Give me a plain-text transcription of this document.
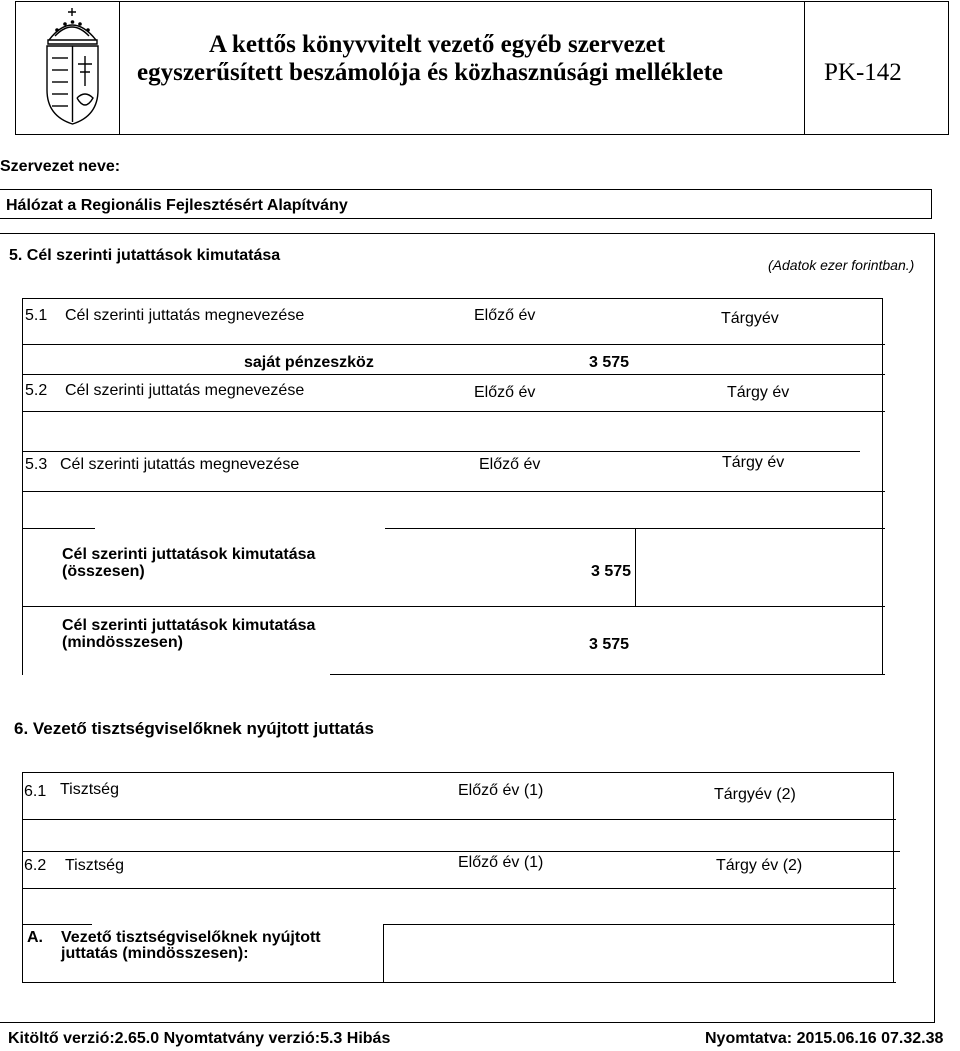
A kettős könyvvitelt vezető egyéb szervezet
egyszerűsített beszámolója és közhasznúsági melléklete	PK-142
Szervezet neve:
Hálózat a Regionális Fejlesztésért Alapítvány
5. Cél szerinti jutattások kimutatása
(Adatok ezer forintban.)
5.1 Cél szerinti juttatás megnevezése	Előző év	Tárgyév
saját pénzeszköz	3 575
5.2 Cél szerinti juttatás megnevezése	Előző év	Tárgy év
5.3 Cél szerinti jutattás megnevezése	Előző év	Tárgy év
Cél szerinti juttatások kimutatása
(összesen)	3 575
Cél szerinti juttatások kimutatása
(mindösszesen)	3 575
6. Vezető tisztségviselőknek nyújtott juttatás
6.1 Tisztség	Előző év (1)	Tárgyév (2)
6.2 Tisztség	Előző év (1)	Tárgy év (2)
A. Vezető tisztségviselőknek nyújtott
juttatás (mindösszesen):
Kitöltő verzió:2.65.0 Nyomtatvány verzió:5.3 Hibás	Nyomtatva: 2015.06.16 07.32.38
